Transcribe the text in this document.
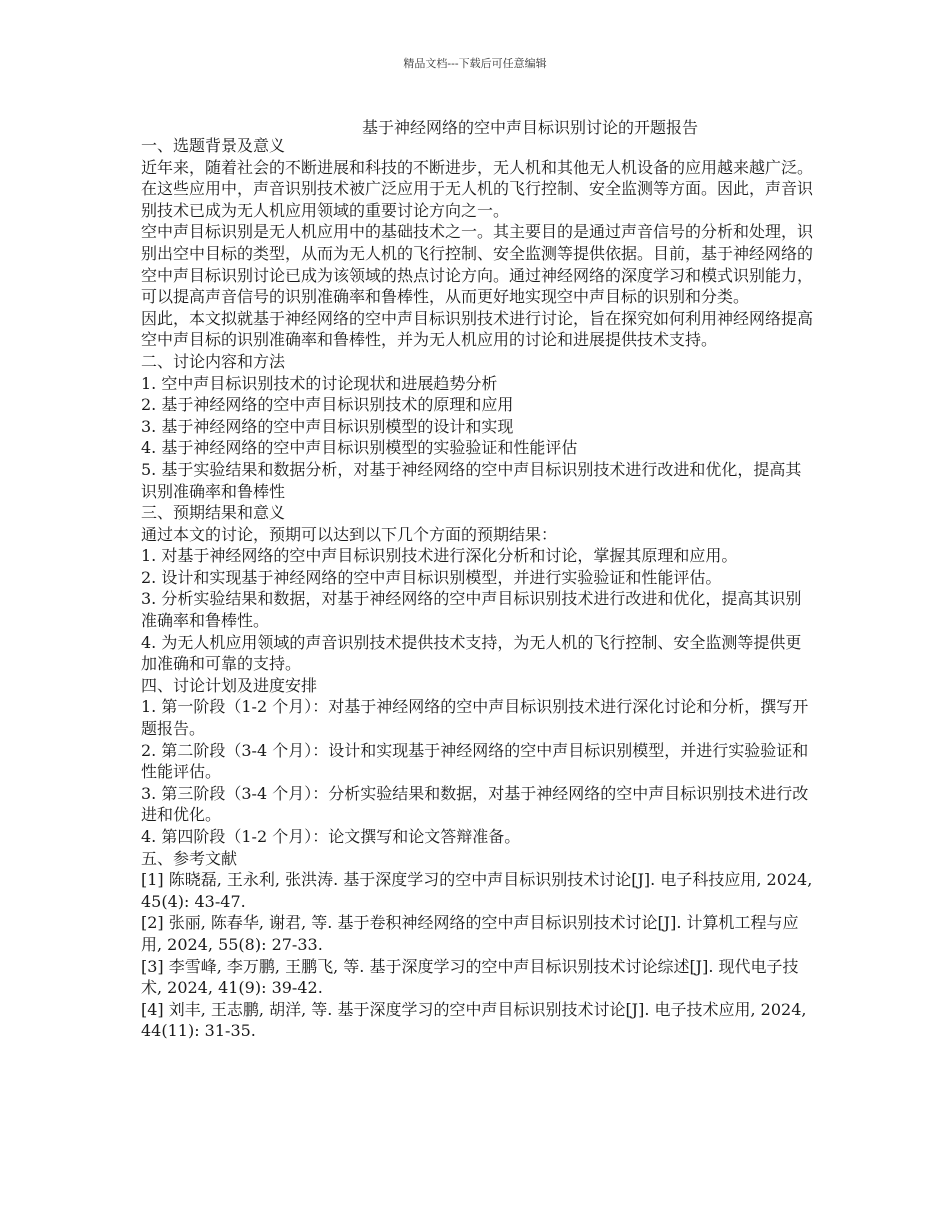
精品文档---下载后可任意编辑
基于神经网络的空中声目标识别讨论的开题报告

一、选题背景及意义

近年来，随着社会的不断进展和科技的不断进步，无人机和其他无人机设备的应用越来越广泛。在这些应用中，声音识别技术被广泛应用于无人机的飞行控制、安全监测等方面。因此，声音识别技术已成为无人机应用领域的重要讨论方向之一。

空中声目标识别是无人机应用中的基础技术之一。其主要目的是通过声音信号的分析和处理，识别出空中目标的类型，从而为无人机的飞行控制、安全监测等提供依据。目前，基于神经网络的空中声目标识别讨论已成为该领域的热点讨论方向。通过神经网络的深度学习和模式识别能力，可以提高声音信号的识别准确率和鲁棒性，从而更好地实现空中声目标的识别和分类。

因此，本文拟就基于神经网络的空中声目标识别技术进行讨论，旨在探究如何利用神经网络提高空中声目标的识别准确率和鲁棒性，并为无人机应用的讨论和进展提供技术支持。

二、讨论内容和方法

1. 空中声目标识别技术的讨论现状和进展趋势分析

2. 基于神经网络的空中声目标识别技术的原理和应用

3. 基于神经网络的空中声目标识别模型的设计和实现

4. 基于神经网络的空中声目标识别模型的实验验证和性能评估

5. 基于实验结果和数据分析，对基于神经网络的空中声目标识别技术进行改进和优化，提高其识别准确率和鲁棒性

三、预期结果和意义

通过本文的讨论，预期可以达到以下几个方面的预期结果：

1. 对基于神经网络的空中声目标识别技术进行深化分析和讨论，掌握其原理和应用。

2. 设计和实现基于神经网络的空中声目标识别模型，并进行实验验证和性能评估。

3. 分析实验结果和数据，对基于神经网络的空中声目标识别技术进行改进和优化，提高其识别准确率和鲁棒性。

4. 为无人机应用领域的声音识别技术提供技术支持，为无人机的飞行控制、安全监测等提供更加准确和可靠的支持。

四、讨论计划及进度安排

1. 第一阶段（1-2 个月）：对基于神经网络的空中声目标识别技术进行深化讨论和分析，撰写开题报告。

2. 第二阶段（3-4 个月）：设计和实现基于神经网络的空中声目标识别模型，并进行实验验证和性能评估。

3. 第三阶段（3-4 个月）：分析实验结果和数据，对基于神经网络的空中声目标识别技术进行改进和优化。

4. 第四阶段（1-2 个月）：论文撰写和论文答辩准备。

五、参考文献

[1] 陈晓磊, 王永利, 张洪涛. 基于深度学习的空中声目标识别技术讨论[J]. 电子科技应用, 2024, 45(4): 43-47.

[2] 张丽, 陈春华, 谢君, 等. 基于卷积神经网络的空中声目标识别技术讨论[J]. 计算机工程与应用, 2024, 55(8): 27-33.

[3] 李雪峰, 李万鹏, 王鹏飞, 等. 基于深度学习的空中声目标识别技术讨论综述[J]. 现代电子技术, 2024, 41(9): 39-42.

[4] 刘丰, 王志鹏, 胡洋, 等. 基于深度学习的空中声目标识别技术讨论[J]. 电子技术应用, 2024, 44(11): 31-35.
